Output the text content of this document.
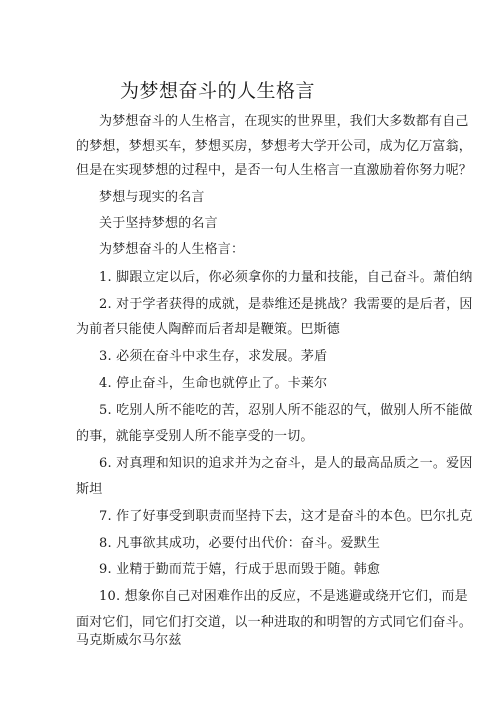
为梦想奋斗的人生格言
为梦想奋斗的人生格言，在现实的世界里，我们大多数都有自己
的梦想，梦想买车，梦想买房，梦想考大学开公司，成为亿万富翁，
但是在实现梦想的过程中，是否一句人生格言一直激励着你努力呢？
梦想与现实的名言
关于坚持梦想的名言
为梦想奋斗的人生格言：
1. 脚跟立定以后，你必须拿你的力量和技能，自己奋斗。萧伯纳
2. 对于学者获得的成就，是恭维还是挑战？我需要的是后者，因
为前者只能使人陶醉而后者却是鞭策。巴斯德
3. 必须在奋斗中求生存，求发展。茅盾
4. 停止奋斗，生命也就停止了。卡莱尔
5. 吃别人所不能吃的苦，忍别人所不能忍的气，做别人所不能做
的事，就能享受别人所不能享受的一切。
6. 对真理和知识的追求并为之奋斗，是人的最高品质之一。爱因
斯坦
7. 作了好事受到职责而坚持下去，这才是奋斗的本色。巴尔扎克
8. 凡事欲其成功，必要付出代价：奋斗。爱默生
9. 业精于勤而荒于嬉，行成于思而毁于随。韩愈
10. 想象你自己对困难作出的反应，不是逃避或绕开它们，而是
面对它们，同它们打交道，以一种进取的和明智的方式同它们奋斗。
马克斯威尔马尔兹
